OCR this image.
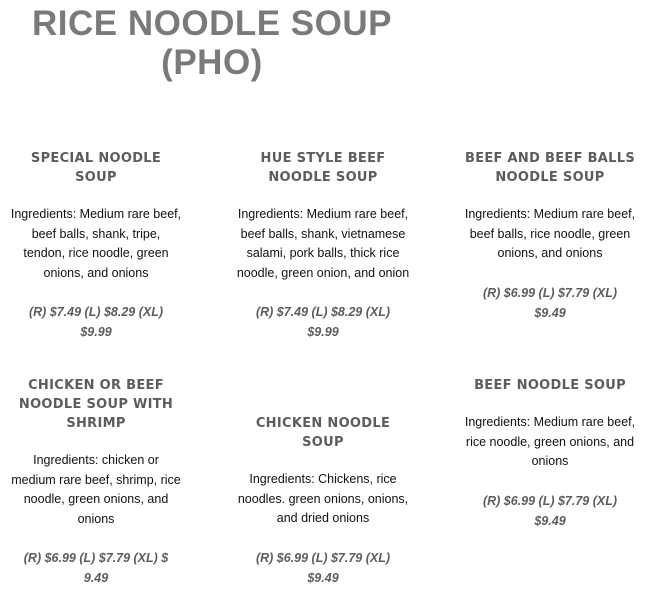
RICE NOODLE SOUP
(PHO)
SPECIAL NOODLE
SOUP
Ingredients: Medium rare beef,
beef balls, shank, tripe,
tendon, rice noodle, green
onions, and onions
(R) $7.49 (L) $8.29 (XL)
$9.99
HUE STYLE BEEF
NOODLE SOUP
Ingredients: Medium rare beef,
beef balls, shank, vietnamese
salami, pork balls, thick rice
noodle, green onion, and onion
(R) $7.49 (L) $8.29 (XL)
$9.99
BEEF AND BEEF BALLS
NOODLE SOUP
Ingredients: Medium rare beef,
beef balls, rice noodle, green
onions, and onions
(R) $6.99 (L) $7.79 (XL)
$9.49
CHICKEN OR BEEF
NOODLE SOUP WITH
SHRIMP
Ingredients: chicken or
medium rare beef, shrimp, rice
noodle, green onions, and
onions
(R) $6.99 (L) $7.79 (XL) $
9.49
CHICKEN NOODLE
SOUP
Ingredients: Chickens, rice
noodles. green onions, onions,
and dried onions
(R) $6.99 (L) $7.79 (XL)
$9.49
BEEF NOODLE SOUP
Ingredients: Medium rare beef,
rice noodle, green onions, and
onions
(R) $6.99 (L) $7.79 (XL)
$9.49
